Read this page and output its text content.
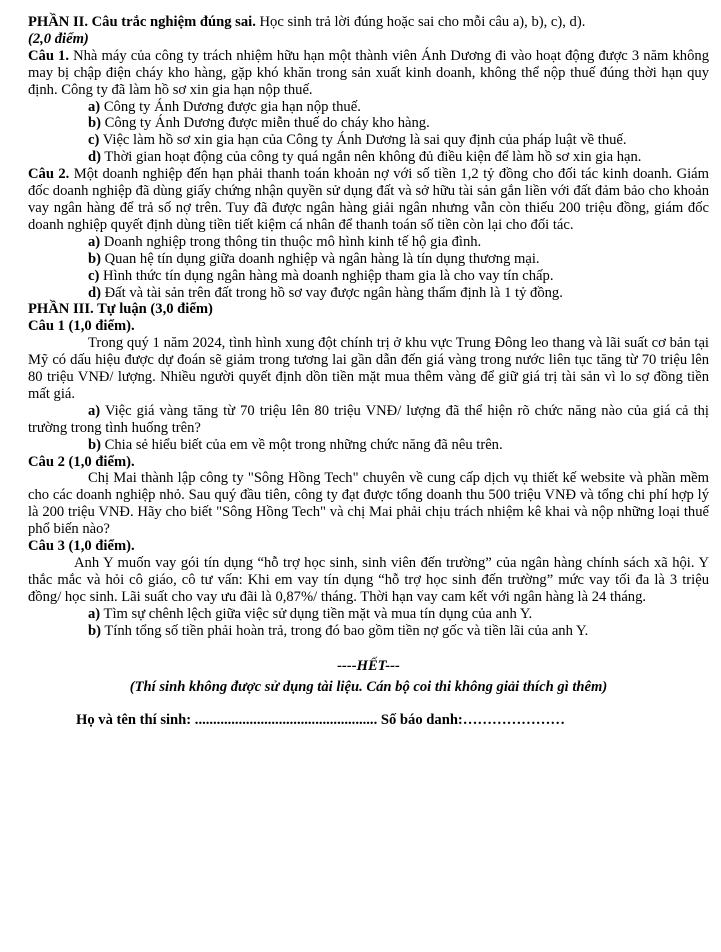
PHẦN II. Câu trắc nghiệm đúng sai. Học sinh trả lời đúng hoặc sai cho mỗi câu a), b), c), d).

(2,0 điểm)

Câu 1. Nhà máy của công ty trách nhiệm hữu hạn một thành viên Ánh Dương đi vào hoạt động được 3 năm không may bị chập điện cháy kho hàng, gặp khó khăn trong sản xuất kinh doanh, không thể nộp thuế đúng thời hạn quy định. Công ty đã làm hồ sơ xin gia hạn nộp thuế.

a) Công ty Ánh Dương được gia hạn nộp thuế.

b) Công ty Ánh Dương được miễn thuế do cháy kho hàng.

c) Việc làm hồ sơ xin gia hạn của Công ty Ánh Dương là sai quy định của pháp luật về thuế.

d) Thời gian hoạt động của công ty quá ngắn nên không đủ điều kiện để làm hồ sơ xin gia hạn.

Câu 2. Một doanh nghiệp đến hạn phải thanh toán khoản nợ với số tiền 1,2 tỷ đồng cho đối tác kinh doanh. Giám đốc doanh nghiệp đã dùng giấy chứng nhận quyền sử dụng đất và sở hữu tài sản gắn liền với đất đảm bảo cho khoản vay ngân hàng để trả số nợ trên. Tuy đã được ngân hàng giải ngân nhưng vẫn còn thiếu 200 triệu đồng, giám đốc doanh nghiệp quyết định dùng tiền tiết kiệm cá nhân để thanh toán số tiền còn lại cho đối tác.

a) Doanh nghiệp trong thông tin thuộc mô hình kinh tế hộ gia đình.

b) Quan hệ tín dụng giữa doanh nghiệp và ngân hàng là tín dụng thương mại.

c) Hình thức tín dụng ngân hàng mà doanh nghiệp tham gia là cho vay tín chấp.

d) Đất và tài sản trên đất trong hồ sơ vay được ngân hàng thẩm định là 1 tỷ đồng.

PHẦN III. Tự luận (3,0 điểm)

Câu 1 (1,0 điểm).

Trong quý 1 năm 2024, tình hình xung đột chính trị ở khu vực Trung Đông leo thang và lãi suất cơ bản tại Mỹ có dấu hiệu được dự đoán sẽ giảm trong tương lai gần dẫn đến giá vàng trong nước liên tục tăng từ 70 triệu lên 80 triệu VNĐ/ lượng. Nhiều người quyết định dồn tiền mặt mua thêm vàng để giữ giá trị tài sản vì lo sợ đồng tiền mất giá.

a) Việc giá vàng tăng từ 70 triệu lên 80 triệu VNĐ/ lượng đã thể hiện rõ chức năng nào của giá cả thị trường trong tình huống trên?

b) Chia sẻ hiểu biết của em về một trong những chức năng đã nêu trên.

Câu 2 (1,0 điểm).

Chị Mai thành lập công ty "Sông Hồng Tech" chuyên về cung cấp dịch vụ thiết kế website và phần mềm cho các doanh nghiệp nhỏ. Sau quý đầu tiên, công ty đạt được tổng doanh thu 500 triệu VNĐ và tổng chi phí hợp lý là 200 triệu VNĐ. Hãy cho biết "Sông Hồng Tech" và chị Mai phải chịu trách nhiệm kê khai và nộp những loại thuế phổ biến nào?

Câu 3 (1,0 điểm).

Anh Y muốn vay gói tín dụng “hỗ trợ học sinh, sinh viên đến trường” của ngân hàng chính sách xã hội. Y thắc mắc và hỏi cô giáo, cô tư vấn: Khi em vay tín dụng “hỗ trợ học sinh đến trường” mức vay tối đa là 3 triệu đồng/ học sinh. Lãi suất cho vay ưu đãi là 0,87%/ tháng. Thời hạn vay cam kết với ngân hàng là 24 tháng.

a) Tìm sự chênh lệch giữa việc sử dụng tiền mặt và mua tín dụng của anh Y.

b) Tính tổng số tiền phải hoàn trả, trong đó bao gồm tiền nợ gốc và tiền lãi của anh Y.

----HẾT---

(Thí sinh không được sử dụng tài liệu. Cán bộ coi thi không giải thích gì thêm)

Họ và tên thí sinh: .................................................. Số báo danh:…………………
